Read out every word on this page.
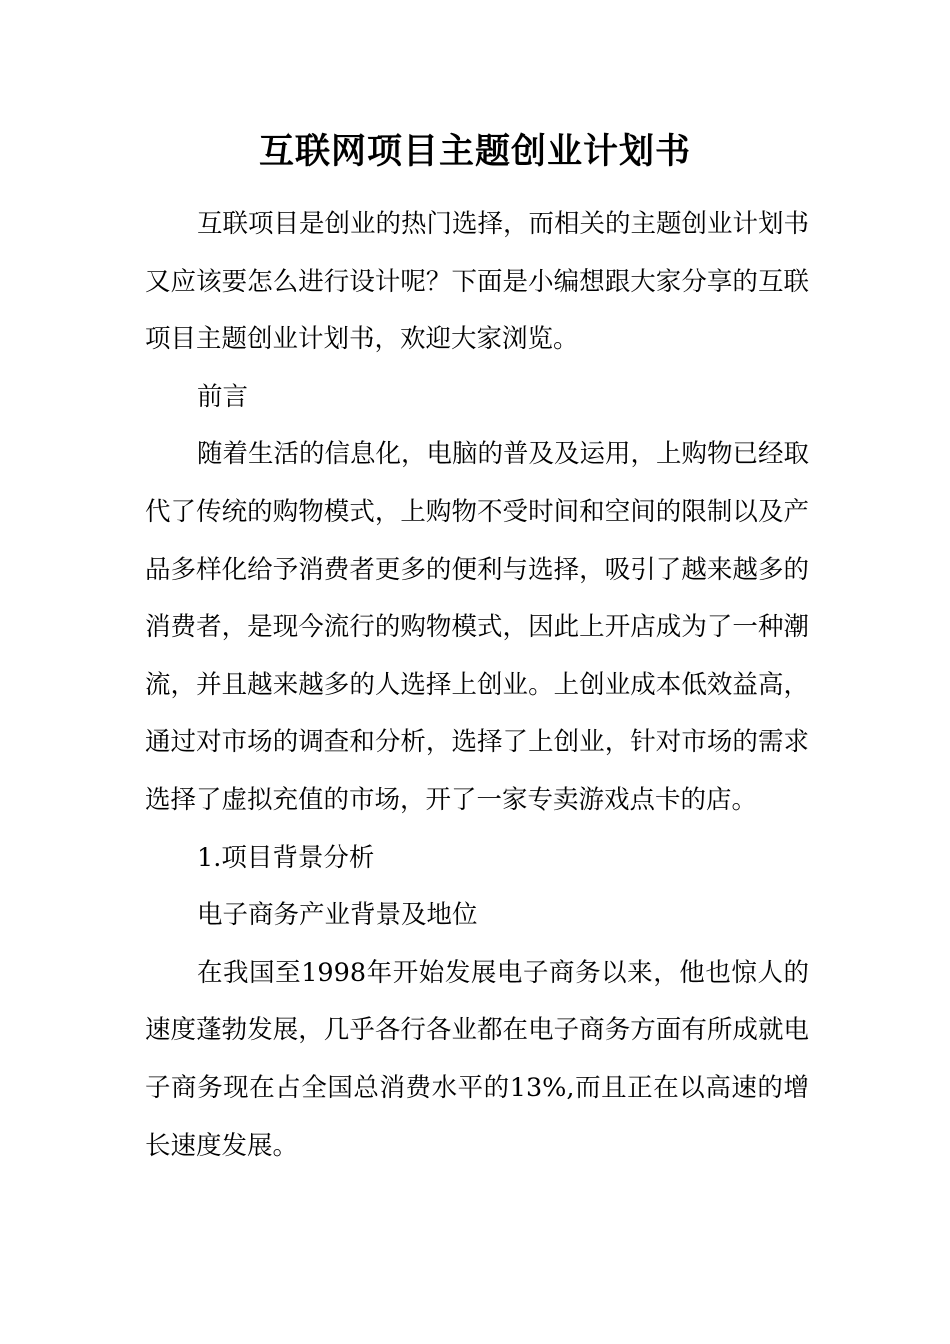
互联网项目主题创业计划书

互联项目是创业的热门选择，而相关的主题创业计划书又应该要怎么进行设计呢？下面是小编想跟大家分享的互联项目主题创业计划书，欢迎大家浏览。

前言

随着生活的信息化，电脑的普及及运用，上购物已经取代了传统的购物模式，上购物不受时间和空间的限制以及产品多样化给予消费者更多的便利与选择，吸引了越来越多的消费者，是现今流行的购物模式，因此上开店成为了一种潮流，并且越来越多的人选择上创业。上创业成本低效益高，通过对市场的调查和分析，选择了上创业，针对市场的需求选择了虚拟充值的市场，开了一家专卖游戏点卡的店。

1.项目背景分析

电子商务产业背景及地位

在我国至1998年开始发展电子商务以来，他也惊人的速度蓬勃发展，几乎各行各业都在电子商务方面有所成就电子商务现在占全国总消费水平的13%,而且正在以高速的增长速度发展。
